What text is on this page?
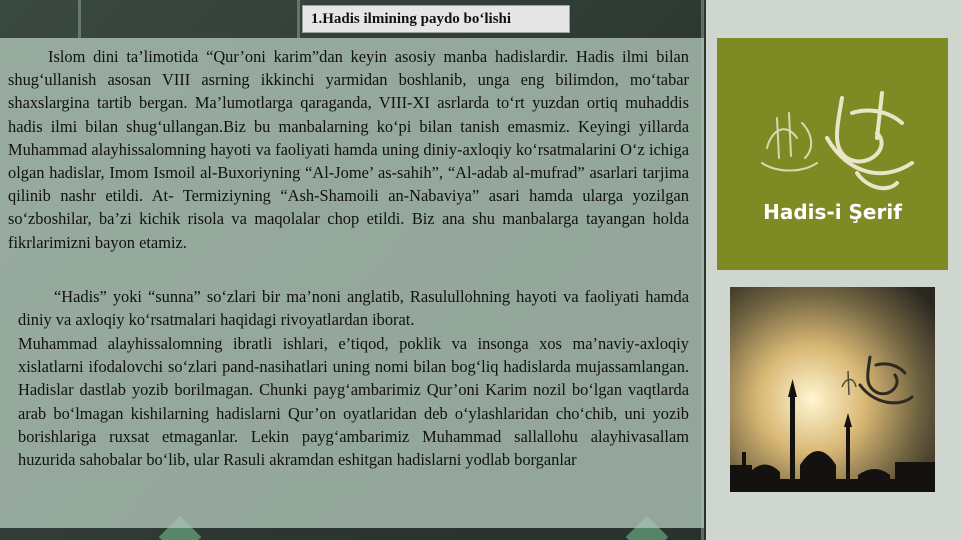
1.Hadis ilmining paydo bo‘lishi

Islom dini ta’limotida “Qur’oni karim”dan keyin asosiy manba hadislardir. Hadis ilmi bilan shug‘ullanish asosan VIII asrning ikkinchi yarmidan boshlanib, unga eng bilimdon, mo‘tabar shaxslargina tartib bergan. Ma’lumotlarga qaraganda, VIII-XI asrlarda to‘rt yuzdan ortiq muhaddis hadis ilmi bilan shug‘ullangan.Biz bu manbalarning ko‘pi bilan tanish emasmiz. Keyingi yillarda Muhammad alayhissalomning hayoti va faoliyati hamda uning diniy-axloqiy ko‘rsatmalarini O‘z ichiga olgan hadislar, Imom Ismoil al-Buxoriyning “Al-Jome’ as-sahih”, “Al-adab al-mufrad” asarlari tarjima qilinib nashr etildi. At- Termiziyning “Ash-Shamoili an-Nabaviya” asari hamda ularga yozilgan so‘zboshilar, ba’zi kichik risola va maqolalar chop etildi. Biz ana shu manbalarga tayangan holda fikrlarimizni bayon etamiz.

“Hadis” yoki “sunna” so‘zlari bir ma’noni anglatib, Rasulullohning hayoti va faoliyati hamda diniy va axloqiy ko‘rsatmalari haqidagi rivoyatlardan iborat.

Muhammad alayhissalomning ibratli ishlari, e’tiqod, poklik va insonga xos ma’naviy-axloqiy xislatlarni ifodalovchi so‘zlari pand-nasihatlari uning nomi bilan bog‘liq hadislarda mujassamlangan. Hadislar dastlab yozib borilmagan. Chunki payg‘ambarimiz Qur’oni Karim nozil bo‘lgan vaqtlarda arab bo‘lmagan kishilarning hadislarni Qur’on oyatlaridan deb o‘ylashlaridan cho‘chib, uni yozib borishlariga ruxsat etmaganlar. Lekin payg‘ambarimiz Muhammad sallallohu alayhivasallam huzurida sahobalar bo‘lib, ular Rasuli akramdan eshitgan hadislarni yodlab borganlar

Hadis-i Şerif
